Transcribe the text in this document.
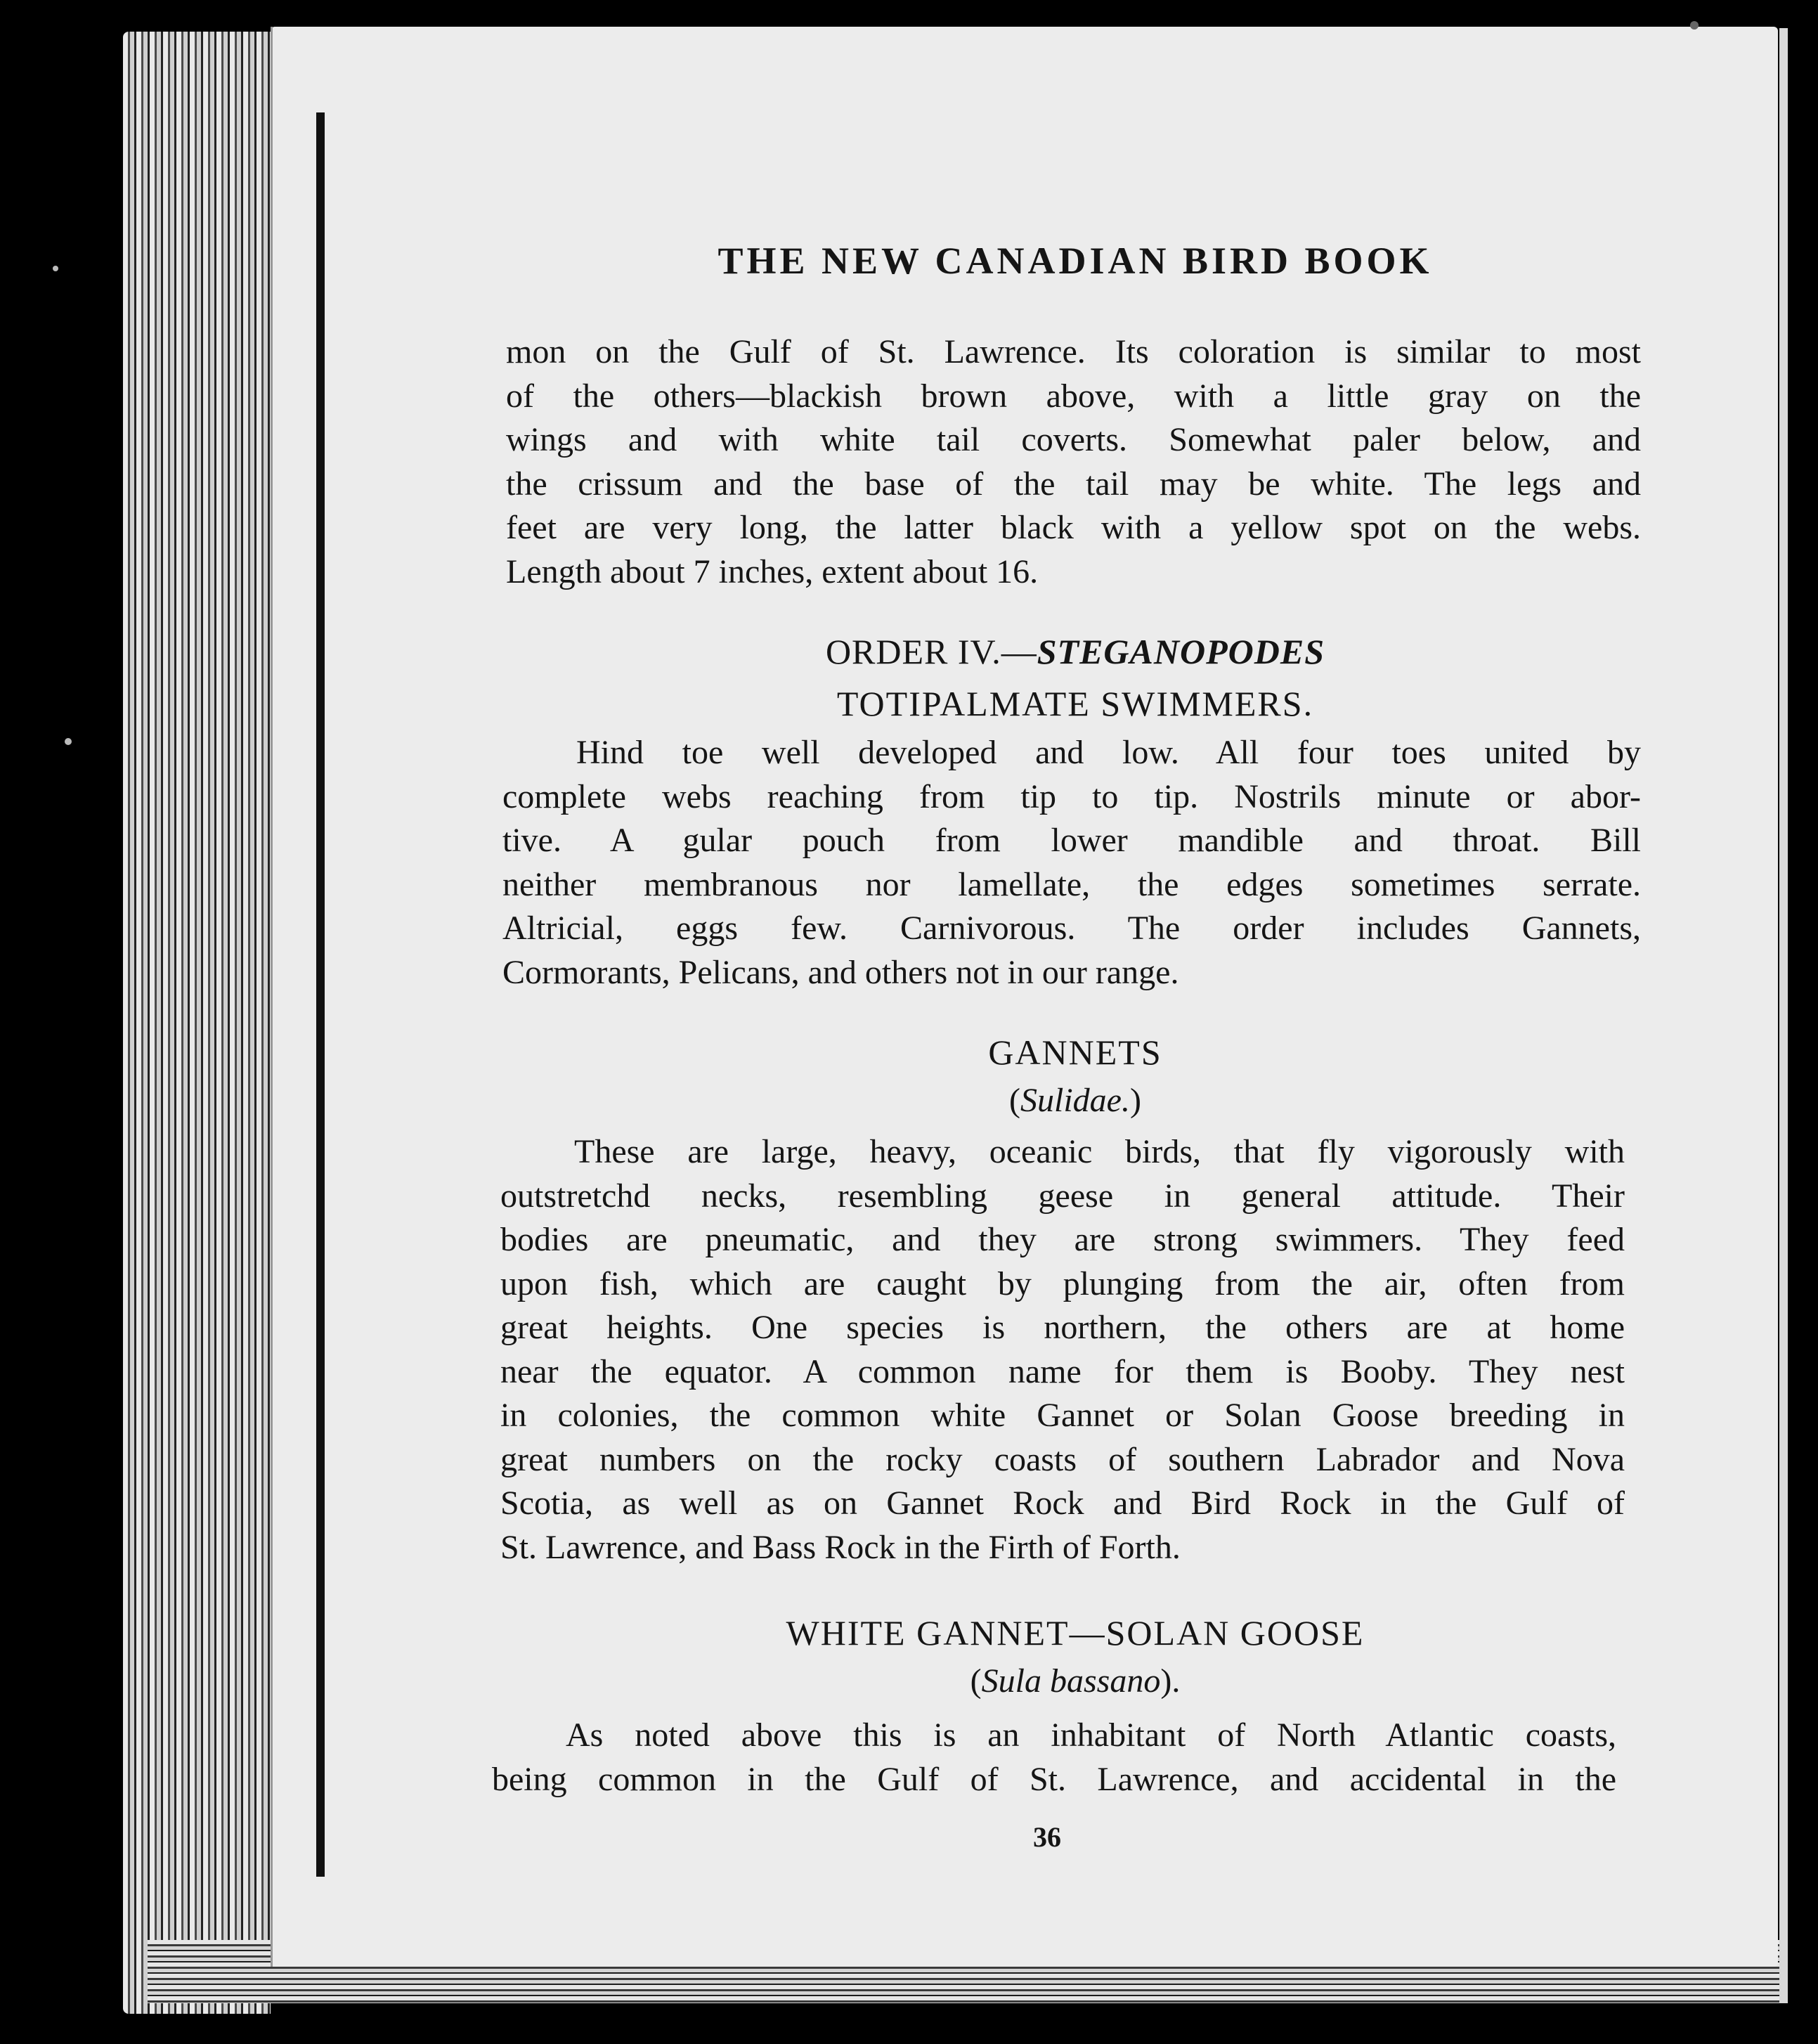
THE NEW CANADIAN BIRD BOOK
mon on the Gulf of St. Lawrence. Its coloration is similar to most
of the others—blackish brown above, with a little gray on the
wings and with white tail coverts. Somewhat paler below, and
the crissum and the base of the tail may be white. The legs and
feet are very long, the latter black with a yellow spot on the webs.
Length about 7 inches, extent about 16.
ORDER IV.—STEGANOPODES
TOTIPALMATE SWIMMERS.
Hind toe well developed and low. All four toes united by
complete webs reaching from tip to tip. Nostrils minute or abor-
tive. A gular pouch from lower mandible and throat. Bill
neither membranous nor lamellate, the edges sometimes serrate.
Altricial, eggs few. Carnivorous. The order includes Gannets,
Cormorants, Pelicans, and others not in our range.
GANNETS
(Sulidae.)
These are large, heavy, oceanic birds, that fly vigorously with
outstretchd necks, resembling geese in general attitude. Their
bodies are pneumatic, and they are strong swimmers. They feed
upon fish, which are caught by plunging from the air, often from
great heights. One species is northern, the others are at home
near the equator. A common name for them is Booby. They nest
in colonies, the common white Gannet or Solan Goose breeding in
great numbers on the rocky coasts of southern Labrador and Nova
Scotia, as well as on Gannet Rock and Bird Rock in the Gulf of
St. Lawrence, and Bass Rock in the Firth of Forth.
WHITE GANNET—SOLAN GOOSE
(Sula bassano).
As noted above this is an inhabitant of North Atlantic coasts,
being common in the Gulf of St. Lawrence, and accidental in the
36
